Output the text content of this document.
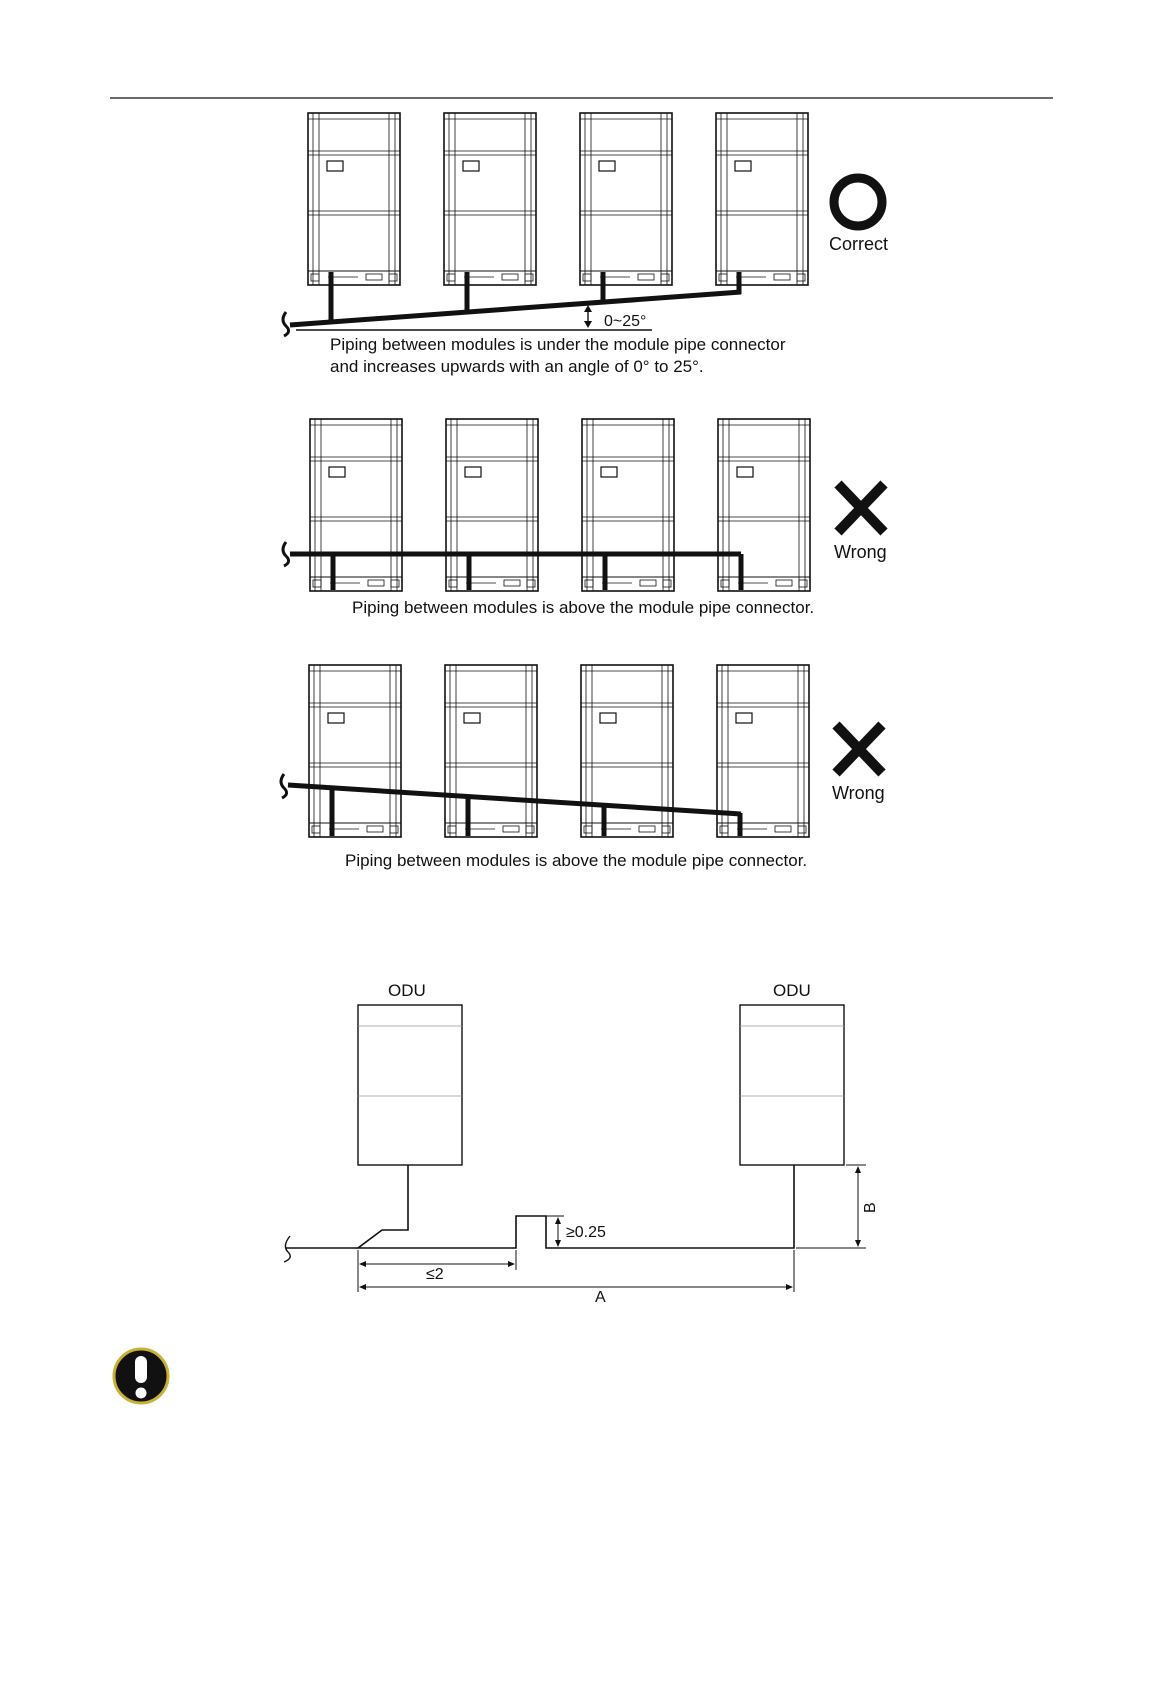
0~25°
Correct
Piping between modules is under the module pipe connector
and increases upwards with an angle of 0° to 25°.
Wrong
Piping between modules is above the module pipe connector.
Wrong
Piping between modules is above the module pipe connector.
ODU	ODU
≥0.25
≤2
A
B
